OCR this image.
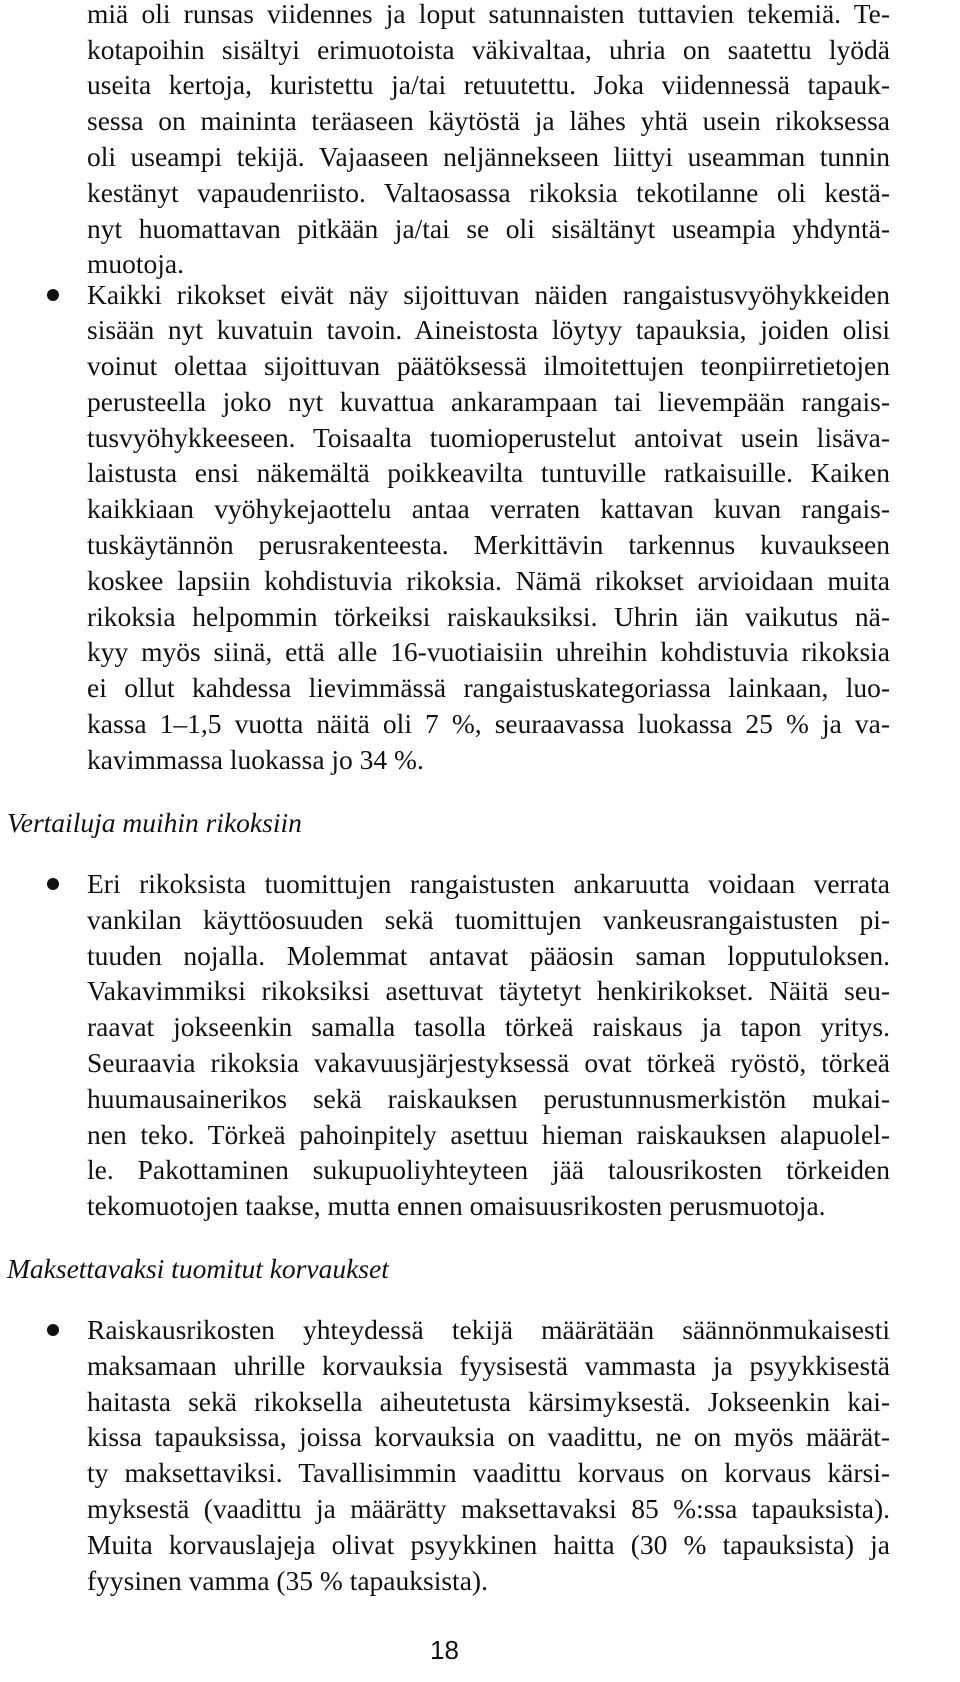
miä oli runsas viidennes ja loput satunnaisten tuttavien tekemiä. Te-
kotapoihin sisältyi erimuotoista väkivaltaa, uhria on saatettu lyödä
useita kertoja, kuristettu ja/tai retuutettu. Joka viidennessä tapauk-
sessa on maininta teräaseen käytöstä ja lähes yhtä usein rikoksessa
oli useampi tekijä. Vajaaseen neljännekseen liittyi useamman tunnin
kestänyt vapaudenriisto. Valtaosassa rikoksia tekotilanne oli kestä-
nyt huomattavan pitkään ja/tai se oli sisältänyt useampia yhdyntä-
muotoja.
Kaikki rikokset eivät näy sijoittuvan näiden rangaistusvyöhykkeiden
sisään nyt kuvatuin tavoin. Aineistosta löytyy tapauksia, joiden olisi
voinut olettaa sijoittuvan päätöksessä ilmoitettujen teonpiirretietojen
perusteella joko nyt kuvattua ankarampaan tai lievempään rangais-
tusvyöhykkeeseen. Toisaalta tuomioperustelut antoivat usein lisäva-
laistusta ensi näkemältä poikkeavilta tuntuville ratkaisuille. Kaiken
kaikkiaan vyöhykejaottelu antaa verraten kattavan kuvan rangais-
tuskäytännön perusrakenteesta. Merkittävin tarkennus kuvaukseen
koskee lapsiin kohdistuvia rikoksia. Nämä rikokset arvioidaan muita
rikoksia helpommin törkeiksi raiskauksiksi. Uhrin iän vaikutus nä-
kyy myös siinä, että alle 16-vuotiaisiin uhreihin kohdistuvia rikoksia
ei ollut kahdessa lievimmässä rangaistuskategoriassa lainkaan, luo-
kassa 1–1,5 vuotta näitä oli 7 %, seuraavassa luokassa 25 % ja va-
kavimmassa luokassa jo 34 %.
Vertailuja muihin rikoksiin
Eri rikoksista tuomittujen rangaistusten ankaruutta voidaan verrata
vankilan käyttöosuuden sekä tuomittujen vankeusrangaistusten pi-
tuuden nojalla. Molemmat antavat pääosin saman lopputuloksen.
Vakavimmiksi rikoksiksi asettuvat täytetyt henkirikokset. Näitä seu-
raavat jokseenkin samalla tasolla törkeä raiskaus ja tapon yritys.
Seuraavia rikoksia vakavuusjärjestyksessä ovat törkeä ryöstö, törkeä
huumausainerikos sekä raiskauksen perustunnusmerkistön mukai-
nen teko. Törkeä pahoinpitely asettuu hieman raiskauksen alapuolel-
le. Pakottaminen sukupuoliyhteyteen jää talousrikosten törkeiden
tekomuotojen taakse, mutta ennen omaisuusrikosten perusmuotoja.
Maksettavaksi tuomitut korvaukset
Raiskausrikosten yhteydessä tekijä määrätään säännönmukaisesti
maksamaan uhrille korvauksia fyysisestä vammasta ja psyykkisestä
haitasta sekä rikoksella aiheutetusta kärsimyksestä. Jokseenkin kai-
kissa tapauksissa, joissa korvauksia on vaadittu, ne on myös määrät-
ty maksettaviksi. Tavallisimmin vaadittu korvaus on korvaus kärsi-
myksestä (vaadittu ja määrätty maksettavaksi 85 %:ssa tapauksista).
Muita korvauslajeja olivat psyykkinen haitta (30 % tapauksista) ja
fyysinen vamma (35 % tapauksista).
18
